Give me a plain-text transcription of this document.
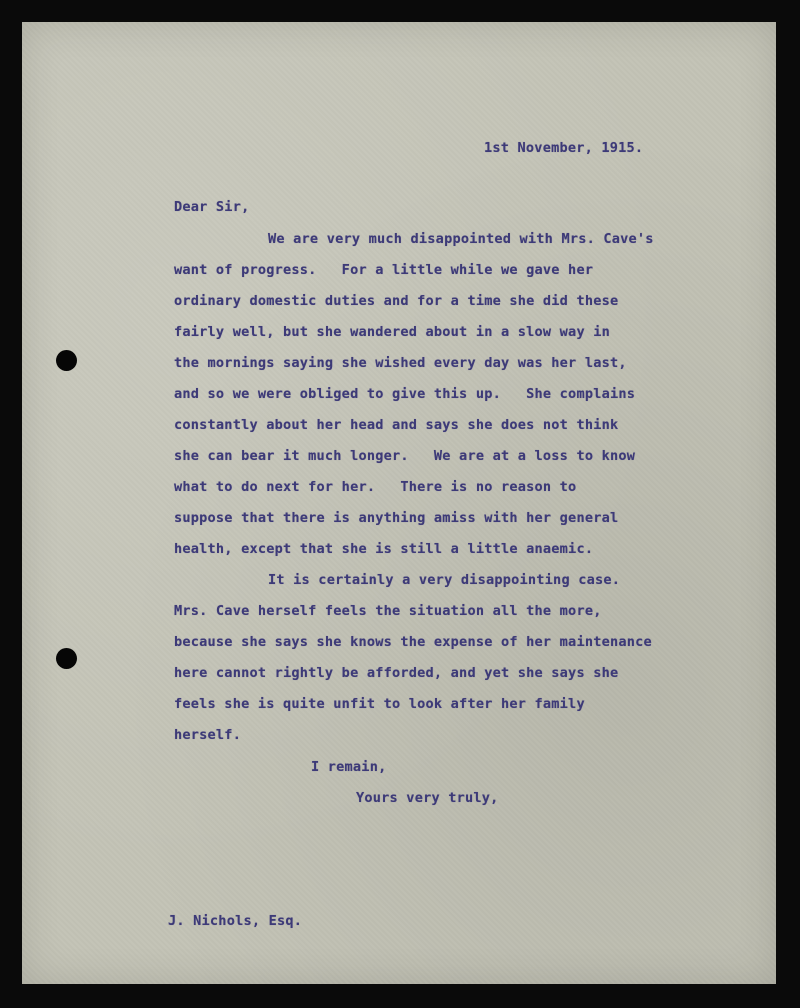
1st November, 1915.
Dear Sir,
We are very much disappointed with Mrs. Cave's
want of progress.   For a little while we gave her
ordinary domestic duties and for a time she did these
fairly well, but she wandered about in a slow way in
the mornings saying she wished every day was her last,
and so we were obliged to give this up.   She complains
constantly about her head and says she does not think
she can bear it much longer.   We are at a loss to know
what to do next for her.   There is no reason to
suppose that there is anything amiss with her general
health, except that she is still a little anaemic.
It is certainly a very disappointing case.
Mrs. Cave herself feels the situation all the more,
because she says she knows the expense of her maintenance
here cannot rightly be afforded, and yet she says she
feels she is quite unfit to look after her family
herself.
I remain,
Yours very truly,
J. Nichols, Esq.
